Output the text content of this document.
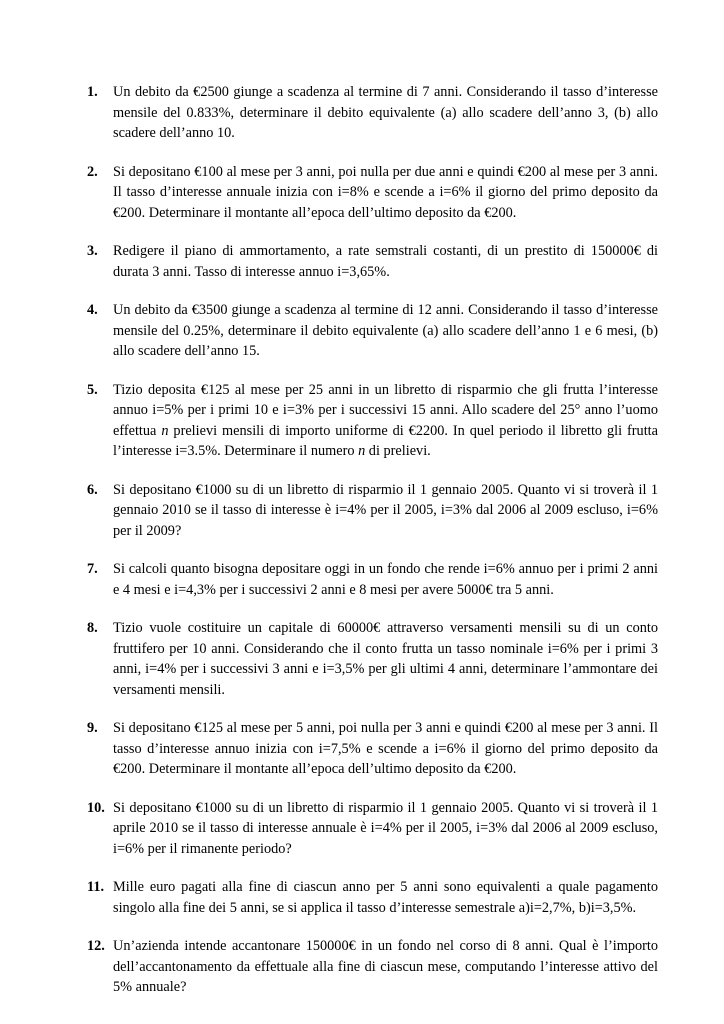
1.	Un debito da €2500 giunge a scadenza al termine di 7 anni. Considerando il tasso d’interesse mensile del 0.833%, determinare il debito equivalente (a) allo scadere dell’anno 3, (b) allo scadere dell’anno 10.
2.	Si depositano €100 al mese per 3 anni, poi nulla per due anni e quindi €200 al mese per 3 anni. Il tasso d’interesse annuale inizia con i=8% e scende a i=6% il giorno del primo deposito da €200. Determinare il montante all’epoca dell’ultimo deposito da €200.
3.	Redigere il piano di ammortamento, a rate semstrali costanti, di un prestito di 150000€ di durata 3 anni. Tasso di interesse annuo i=3,65%.
4.	Un debito da €3500 giunge a scadenza al termine di 12 anni. Considerando il tasso d’interesse mensile del 0.25%, determinare il debito equivalente (a) allo scadere dell’anno 1 e 6 mesi, (b) allo scadere dell’anno 15.
5.	Tizio deposita €125 al mese per 25 anni in un libretto di risparmio che gli frutta l’interesse annuo i=5% per i primi 10 e i=3% per i successivi 15 anni. Allo scadere del 25° anno l’uomo effettua n prelievi mensili di importo uniforme di €2200. In quel periodo il libretto gli frutta l’interesse i=3.5%. Determinare il numero n di prelievi.
6.	Si depositano €1000 su di un libretto di risparmio il 1 gennaio 2005. Quanto vi si troverà il 1 gennaio 2010 se il tasso di interesse è i=4% per il 2005, i=3% dal 2006 al 2009 escluso, i=6% per il 2009?
7.	Si calcoli quanto bisogna depositare oggi in un fondo che rende i=6% annuo per i primi 2 anni e 4 mesi e i=4,3% per i successivi 2 anni e 8 mesi per avere 5000€ tra 5 anni.
8.	Tizio vuole costituire un capitale di 60000€ attraverso versamenti mensili su di un conto fruttifero per 10 anni. Considerando che il conto frutta un tasso nominale i=6% per i primi 3 anni, i=4% per i successivi 3 anni e i=3,5% per gli ultimi 4 anni, determinare l’ammontare dei versamenti mensili.
9.	Si depositano €125 al mese per 5 anni, poi nulla per 3 anni e quindi €200 al mese per 3 anni. Il tasso d’interesse annuo inizia con i=7,5% e scende a i=6% il giorno del primo deposito da €200. Determinare il montante all’epoca dell’ultimo deposito da €200.
10. Si depositano €1000 su di un libretto di risparmio il 1 gennaio 2005. Quanto vi si troverà il 1 aprile 2010 se il tasso di interesse annuale è i=4% per il 2005, i=3% dal 2006 al 2009 escluso, i=6% per il rimanente periodo?
11. Mille euro pagati alla fine di ciascun anno per 5 anni sono equivalenti a quale pagamento singolo alla fine dei 5 anni, se si applica il tasso d’interesse semestrale a)i=2,7%, b)i=3,5%.
12. Un’azienda intende accantonare 150000€ in un fondo nel corso di 8 anni. Qual è l’importo dell’accantonamento da effettuale alla fine di ciascun mese, computando l’interesse attivo del 5% annuale?
